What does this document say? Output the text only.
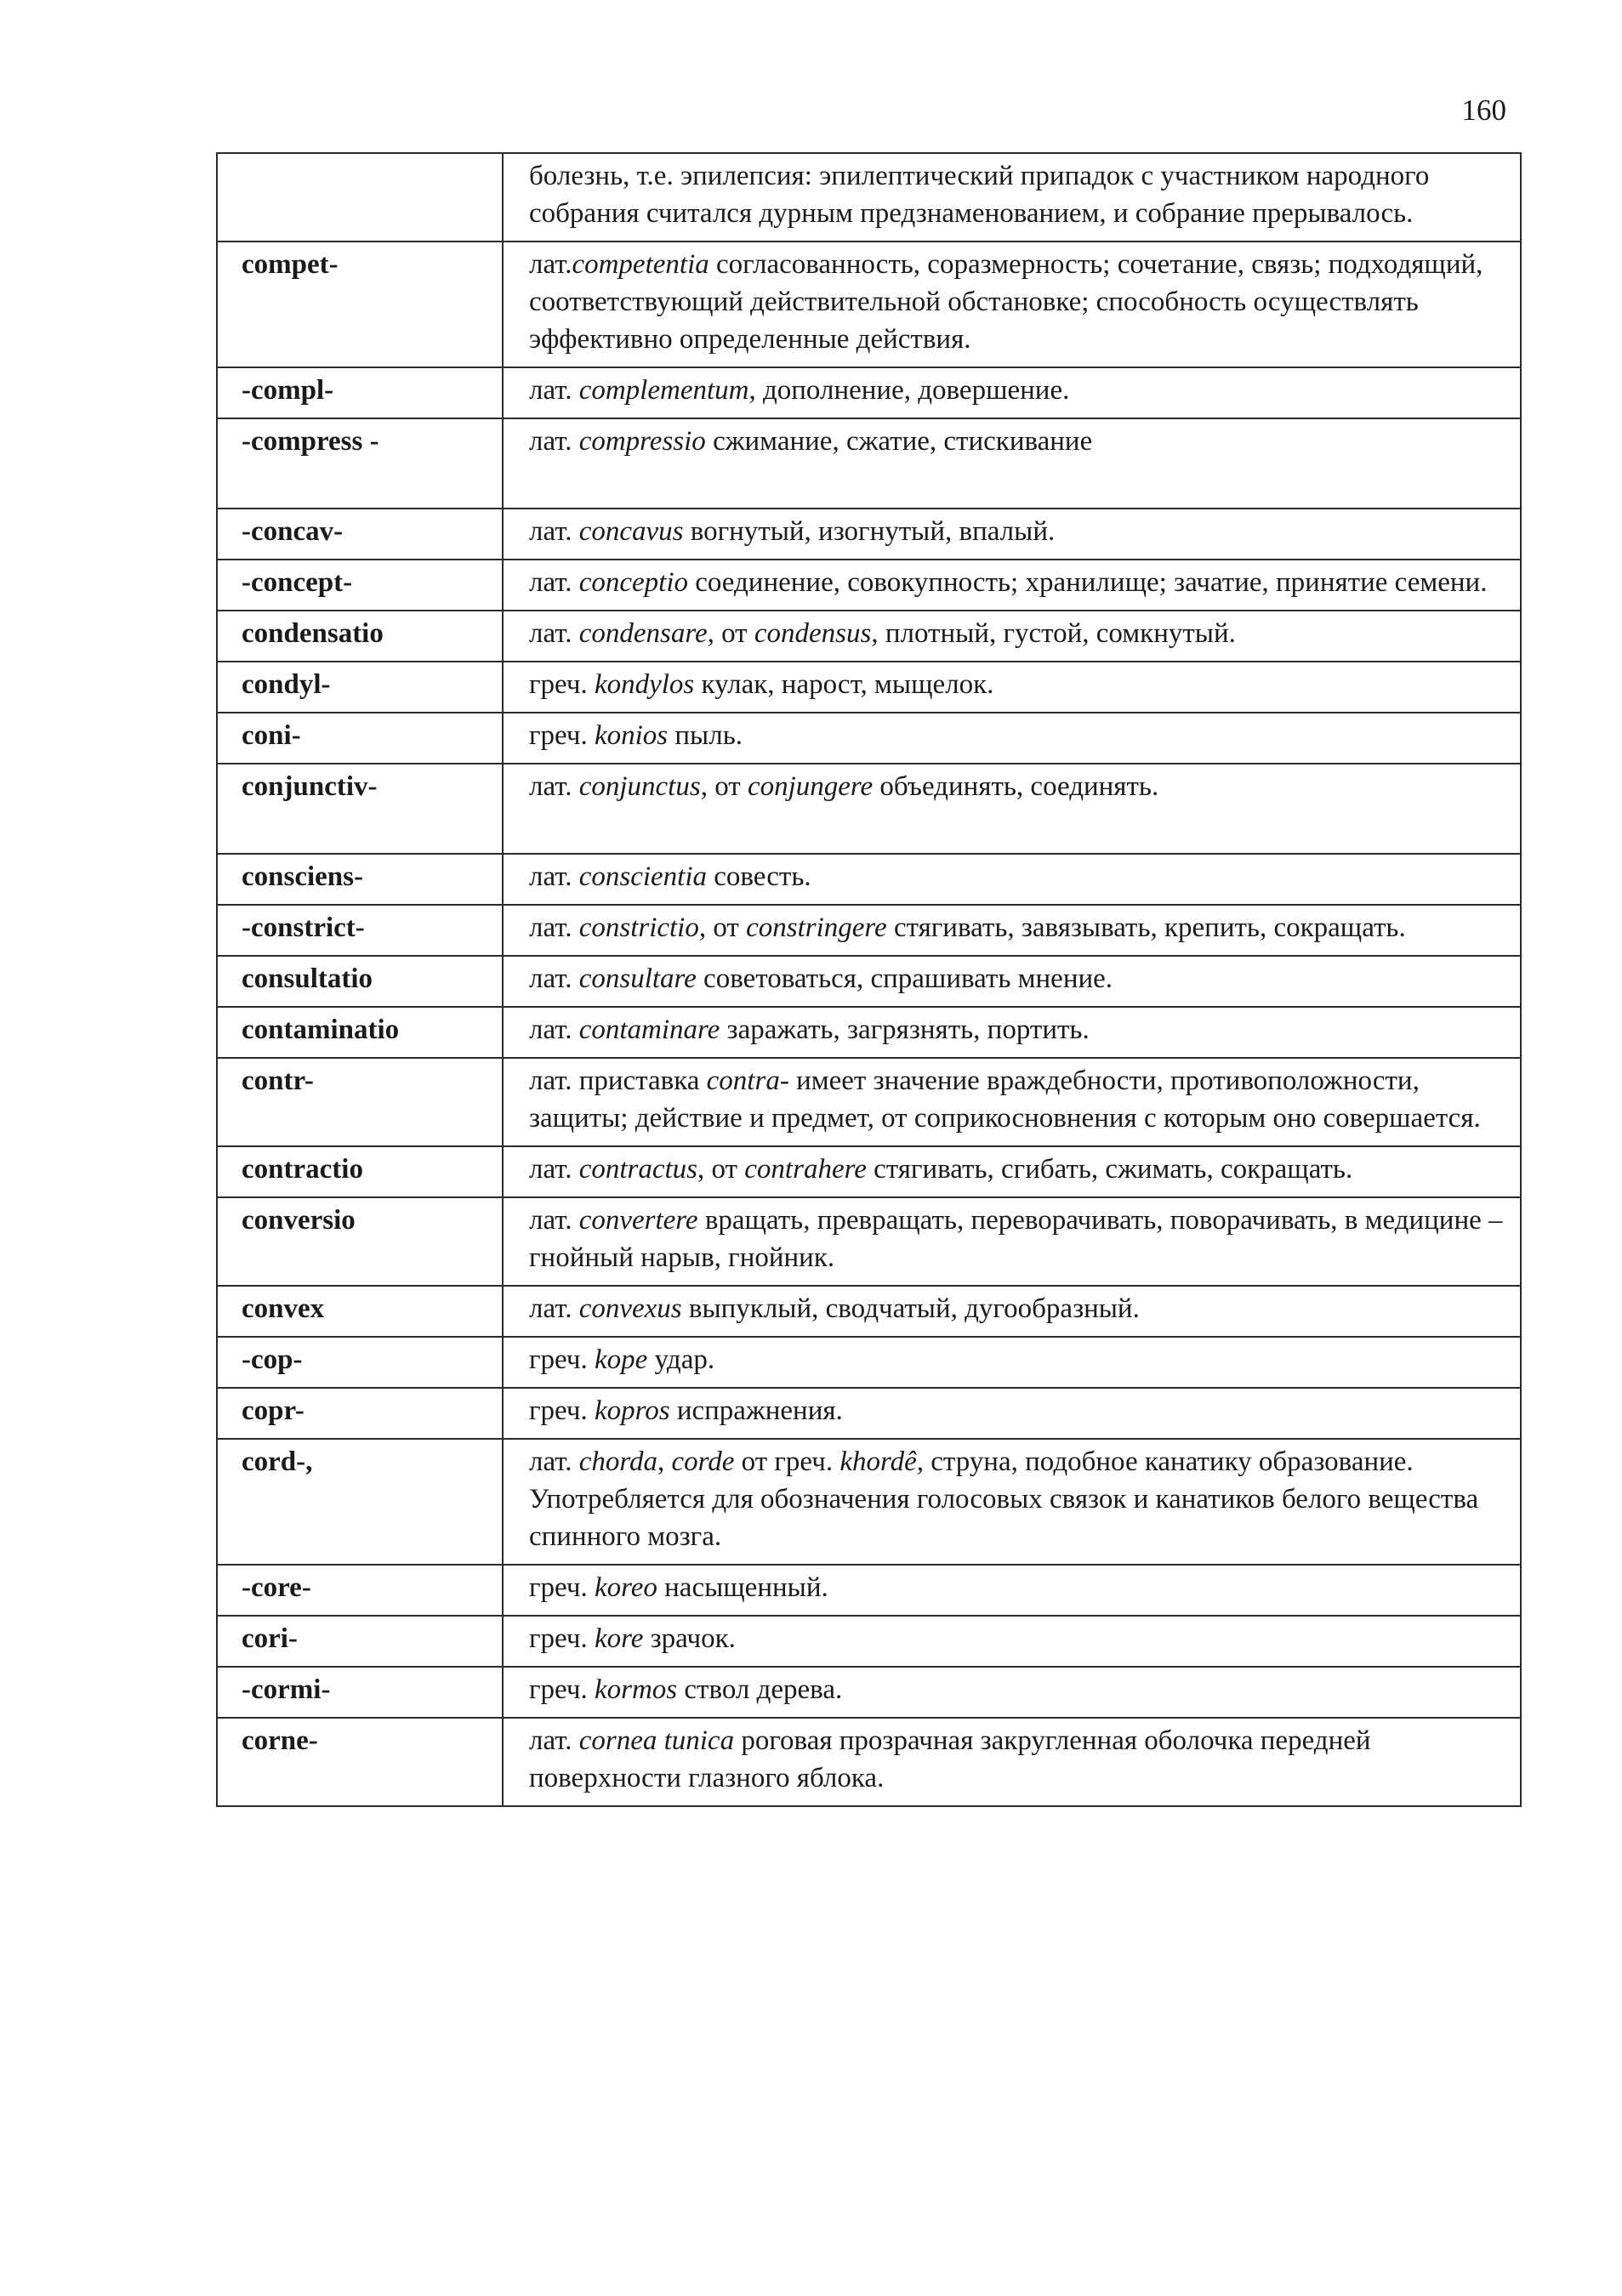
160
	болезнь, т.е. эпилепсия: эпилептический припадок с участником народного собрания считался дурным предзнаменованием, и собрание прерывалось.
compet-	лат.competentia согласованность, соразмерность; сочетание, связь; подходящий, соответствующий действительной обстановке; способность осуществлять эффективно определенные действия.
-compl-	лат. complementum, дополнение, довершение.
-compress -	лат. compressio сжимание, сжатие, стискивание
-concav-	лат. concavus вогнутый, изогнутый, впалый.
-concept-	лат. conceptio соединение, совокупность; хранилище; зачатие, принятие семени.
condensatio	лат. condensare, от condensus, плотный, густой, сомкнутый.
condyl-	греч. kondylos кулак, нарост, мыщелок.
coni-	греч. konios пыль.
conjunctiv-	лат. conjunctus, от conjungere объединять, соединять.
consciens-	лат. conscientia совесть.
-constrict-	лат. constrictio, от constringere стягивать, завязывать, крепить, сокращать.
consultatio	лат. consultare советоваться, спрашивать мнение.
contaminatio	лат. contaminare заражать, загрязнять, портить.
contr-	лат. приставка contra- имеет значение враждебности, противоположности, защиты; действие и предмет, от соприкосновнения с которым оно совершается.
contractio	лат. contractus, от contrahere стягивать, сгибать, сжимать, сокращать.
conversio	лат. convertere вращать, превращать, переворачивать, поворачивать, в медицине – гнойный нарыв, гнойник.
convex	лат. convexus выпуклый, сводчатый, дугообразный.
-cop-	греч. kope удар.
copr-	греч. kopros испражнения.
cord-,	лат. chorda, corde от греч. khordê, струна, подобное канатику образование. Употребляется для обозначения голосовых связок и канатиков белого вещества спинного мозга.
-core-	греч. koreo насыщенный.
cori-	греч. kore зрачок.
-cormi-	греч. kormos ствол дерева.
corne-	лат. cornea tunica роговая прозрачная закругленная оболочка передней поверхности глазного яблока.
